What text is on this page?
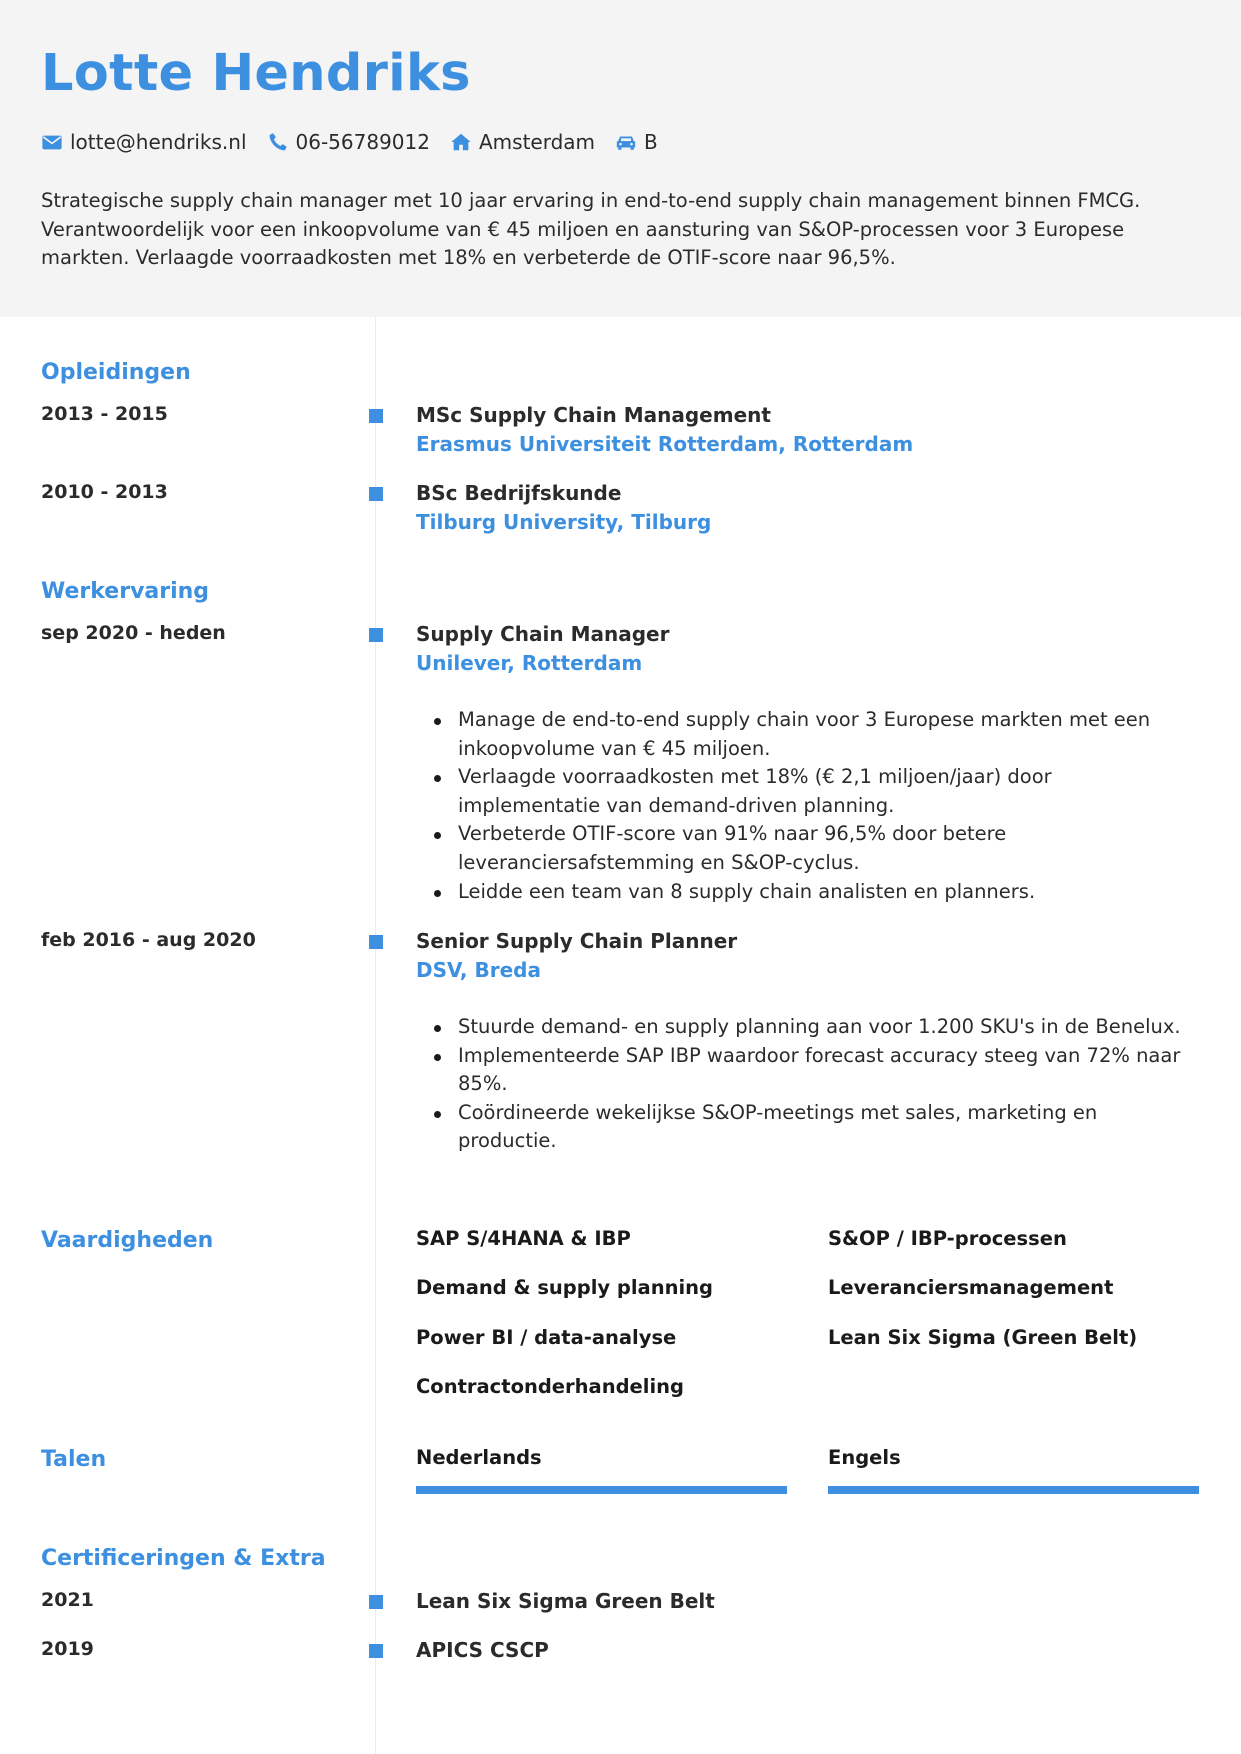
Lotte Hendriks
lotte@hendriks.nl 06-56789012 Amsterdam B

Strategische supply chain manager met 10 jaar ervaring in end-to-end supply chain management binnen FMCG. Verantwoordelijk voor een inkoopvolume van € 45 miljoen en aansturing van S&OP-processen voor 3 Europese markten. Verlaagde voorraadkosten met 18% en verbeterde de OTIF-score naar 96,5%.

Opleidingen
2013 - 2015	MSc Supply Chain Management
Erasmus Universiteit Rotterdam, Rotterdam
2010 - 2013	BSc Bedrijfskunde
Tilburg University, Tilburg
Werkervaring
sep 2020 - heden	Supply Chain Manager
Unilever, Rotterdam
Manage de end-to-end supply chain voor 3 Europese markten met een inkoopvolume van € 45 miljoen.
Verlaagde voorraadkosten met 18% (€ 2,1 miljoen/jaar) door implementatie van demand-driven planning.
Verbeterde OTIF-score van 91% naar 96,5% door betere leveranciersafstemming en S&OP-cyclus.
Leidde een team van 8 supply chain analisten en planners.
feb 2016 - aug 2020	Senior Supply Chain Planner
DSV, Breda
Stuurde demand- en supply planning aan voor 1.200 SKU's in de Benelux.
Implementeerde SAP IBP waardoor forecast accuracy steeg van 72% naar 85%.
Coördineerde wekelijkse S&OP-meetings met sales, marketing en productie.
Vaardigheden	SAP S/4HANA & IBP	S&OP / IBP-processen
Demand & supply planning	Leveranciersmanagement
Power BI / data-analyse	Lean Six Sigma (Green Belt)
Contractonderhandeling
Talen	Nederlands	Engels
Certificeringen & Extra
2021	Lean Six Sigma Green Belt
2019	APICS CSCP
